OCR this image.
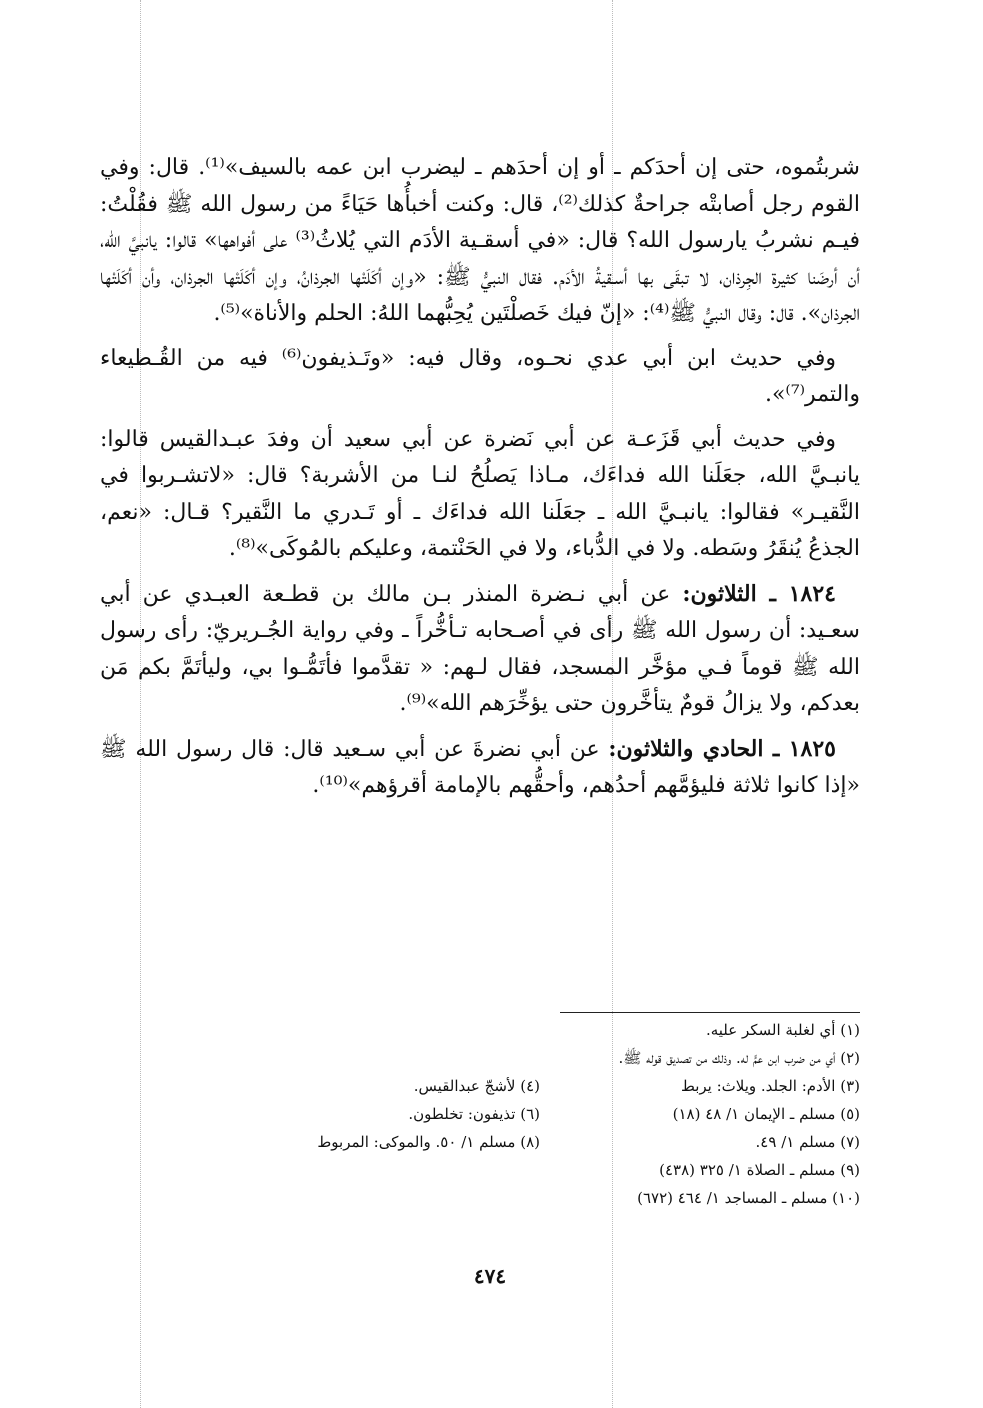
شربتُموه، حتى إن أحدَكم ـ أو إن أحدَهم ـ ليضرب ابن عمه بالسيف»⁽¹⁾. قال: وفي القوم رجل أصابتْه جراحةٌ كذلك⁽²⁾، قال: وكنت أخبأُها حَيَاءً من رسول الله ﷺ فقُلْتُ: فيـم نشربُ يارسول الله؟ قال: «في أسقـية الأدَم التي يُلاثُ⁽³⁾ على أفواهها» قالوا: يانبيَّ الله، أن أرضَنا كثيرة الجِرذان، لا تبقَى بها أسـقيةُ الأدَم. فقال النبيُّ ﷺ: «وإن أكَلَتْها الجرذانُ، وإن أكَلَتْها الجرذان، وأن أكَلَتْها الجرذان». قال: وقال النبيُّ ﷺ⁽⁴⁾: «إنّ فيك خَصلْتَين يُحِبُّهما اللهُ: الحلم والأناة»⁽⁵⁾.

وفي حديث ابن أبي عدي نحـوه، وقال فيه: «وتَـذيفون⁽⁶⁾ فيه من القُـطيعاء والتمر⁽⁷⁾».

وفي حديث أبي قَزَعـة عن أبي نَضرة عن أبي سعيد أن وفدَ عبـدالقيس قالوا: يانبـيَّ الله، جعَلَنا الله فداءَك، مـاذا يَصلُحُ لنـا من الأشربة؟ قال: «لاتشـربوا في النَّقيـر» فقالوا: يانبـيَّ الله ـ جعَلَنا الله فداءَك ـ أو تَـدري ما النَّقير؟ قـال: «نعم، الجذعُ يُنقَرُ وسَطه. ولا في الدُّباء، ولا في الحَنْتمة، وعليكم بالمُوكَى»⁽⁸⁾.

١٨٢٤ ـ الثلاثون: عن أبي نـضرة المنذر بـن مالك بن قطـعة العبـدي عن أبي سعـيد: أن رسول الله ﷺ رأى في أصـحابه تـأخُّراً ـ وفي رواية الجُـريريّ: رأى رسول الله ﷺ قوماً فـي مؤخَّر المسجد، فقال لـهم: « تقدَّموا فأتَمُّـوا بي، وليأتَمَّ بكم مَن بعدكم، ولا يزالُ قومٌ يتأخَّرون حتى يؤخِّرَهم الله»⁽⁹⁾.

١٨٢٥ ـ الحادي والثلاثون: عن أبي نضرةَ عن أبي سـعيد قال: قال رسول الله ﷺ «إذا كانوا ثلاثة فليؤمَّهم أحدُهم، وأحقُّهم بالإمامة أقرؤهم»⁽¹⁰⁾.

(١) أي لغلبة السكر عليه.
(٢) أي من ضرب ابن عمٍّ له. وذلك من تصديق قوله ﷺ.
(٣) الأدم: الجلد. ويلاث: يربط
(٤) لأشجّ عبدالقيس.
(٥) مسلم ـ الإيمان ١/ ٤٨ (١٨)
(٦) تذيفون: تخلطون.
(٧) مسلم ١/ ٤٩.
(٨) مسلم ١/ ٥٠. والموكى: المربوط
(٩) مسلم ـ الصلاة ١/ ٣٢٥ (٤٣٨)
(١٠) مسلم ـ المساجد ١/ ٤٦٤ (٦٧٢)
٤٧٤
